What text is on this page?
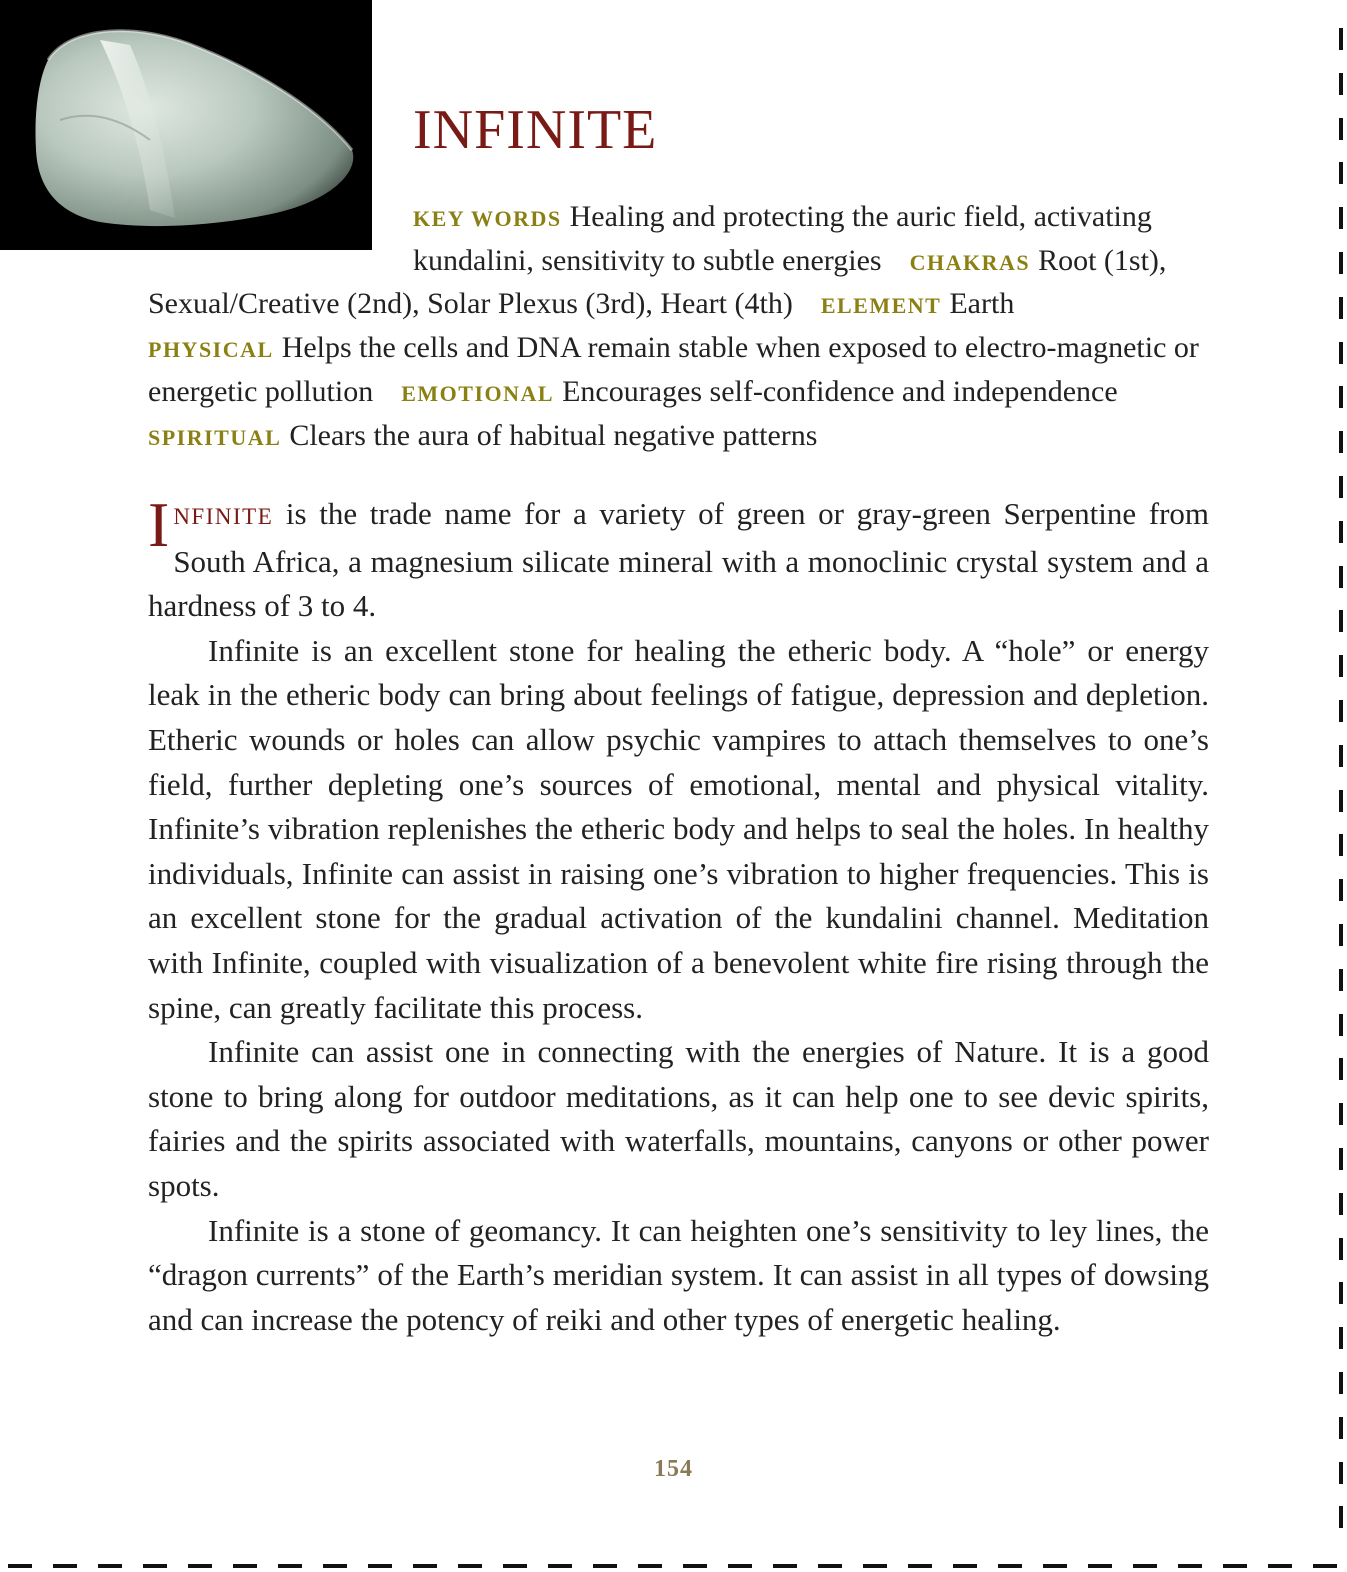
INFINITE
KEY WORDS Healing and protecting the auric field, activating kundalini, sensitivity to subtle energies CHAKRAS Root (1st), Sexual/Creative (2nd), Solar Plexus (3rd), Heart (4th) ELEMENT Earth
PHYSICAL Helps the cells and DNA remain stable when exposed to electro-magnetic or energetic pollution EMOTIONAL Encourages self-confidence and independenceSPIRITUAL Clears the aura of habitual negative patterns

INFINITE is the trade name for a variety of green or gray-green Serpentine from South Africa, a magnesium silicate mineral with a monoclinic crystal system and a hardness of 3 to 4.

Infinite is an excellent stone for healing the etheric body. A “hole” or energy leak in the etheric body can bring about feelings of fatigue, depression and depletion. Etheric wounds or holes can allow psychic vampires to attach themselves to one’s field, further depleting one’s sources of emotional, mental and physical vitality. Infinite’s vibration replenishes the etheric body and helps to seal the holes. In healthy individuals, Infinite can assist in raising one’s vibration to higher frequencies. This is an excellent stone for the gradual activation of the kundalini channel. Meditation with Infinite, coupled with visualization of a benevolent white fire rising through the spine, can greatly facilitate this process.

Infinite can assist one in connecting with the energies of Nature. It is a good stone to bring along for outdoor meditations, as it can help one to see devic spirits, fairies and the spirits associated with waterfalls, mountains, canyons or other power spots.

Infinite is a stone of geomancy. It can heighten one’s sensitivity to ley lines, the “dragon currents” of the Earth’s meridian system. It can assist in all types of dowsing and can increase the potency of reiki and other types of energetic healing.

154
